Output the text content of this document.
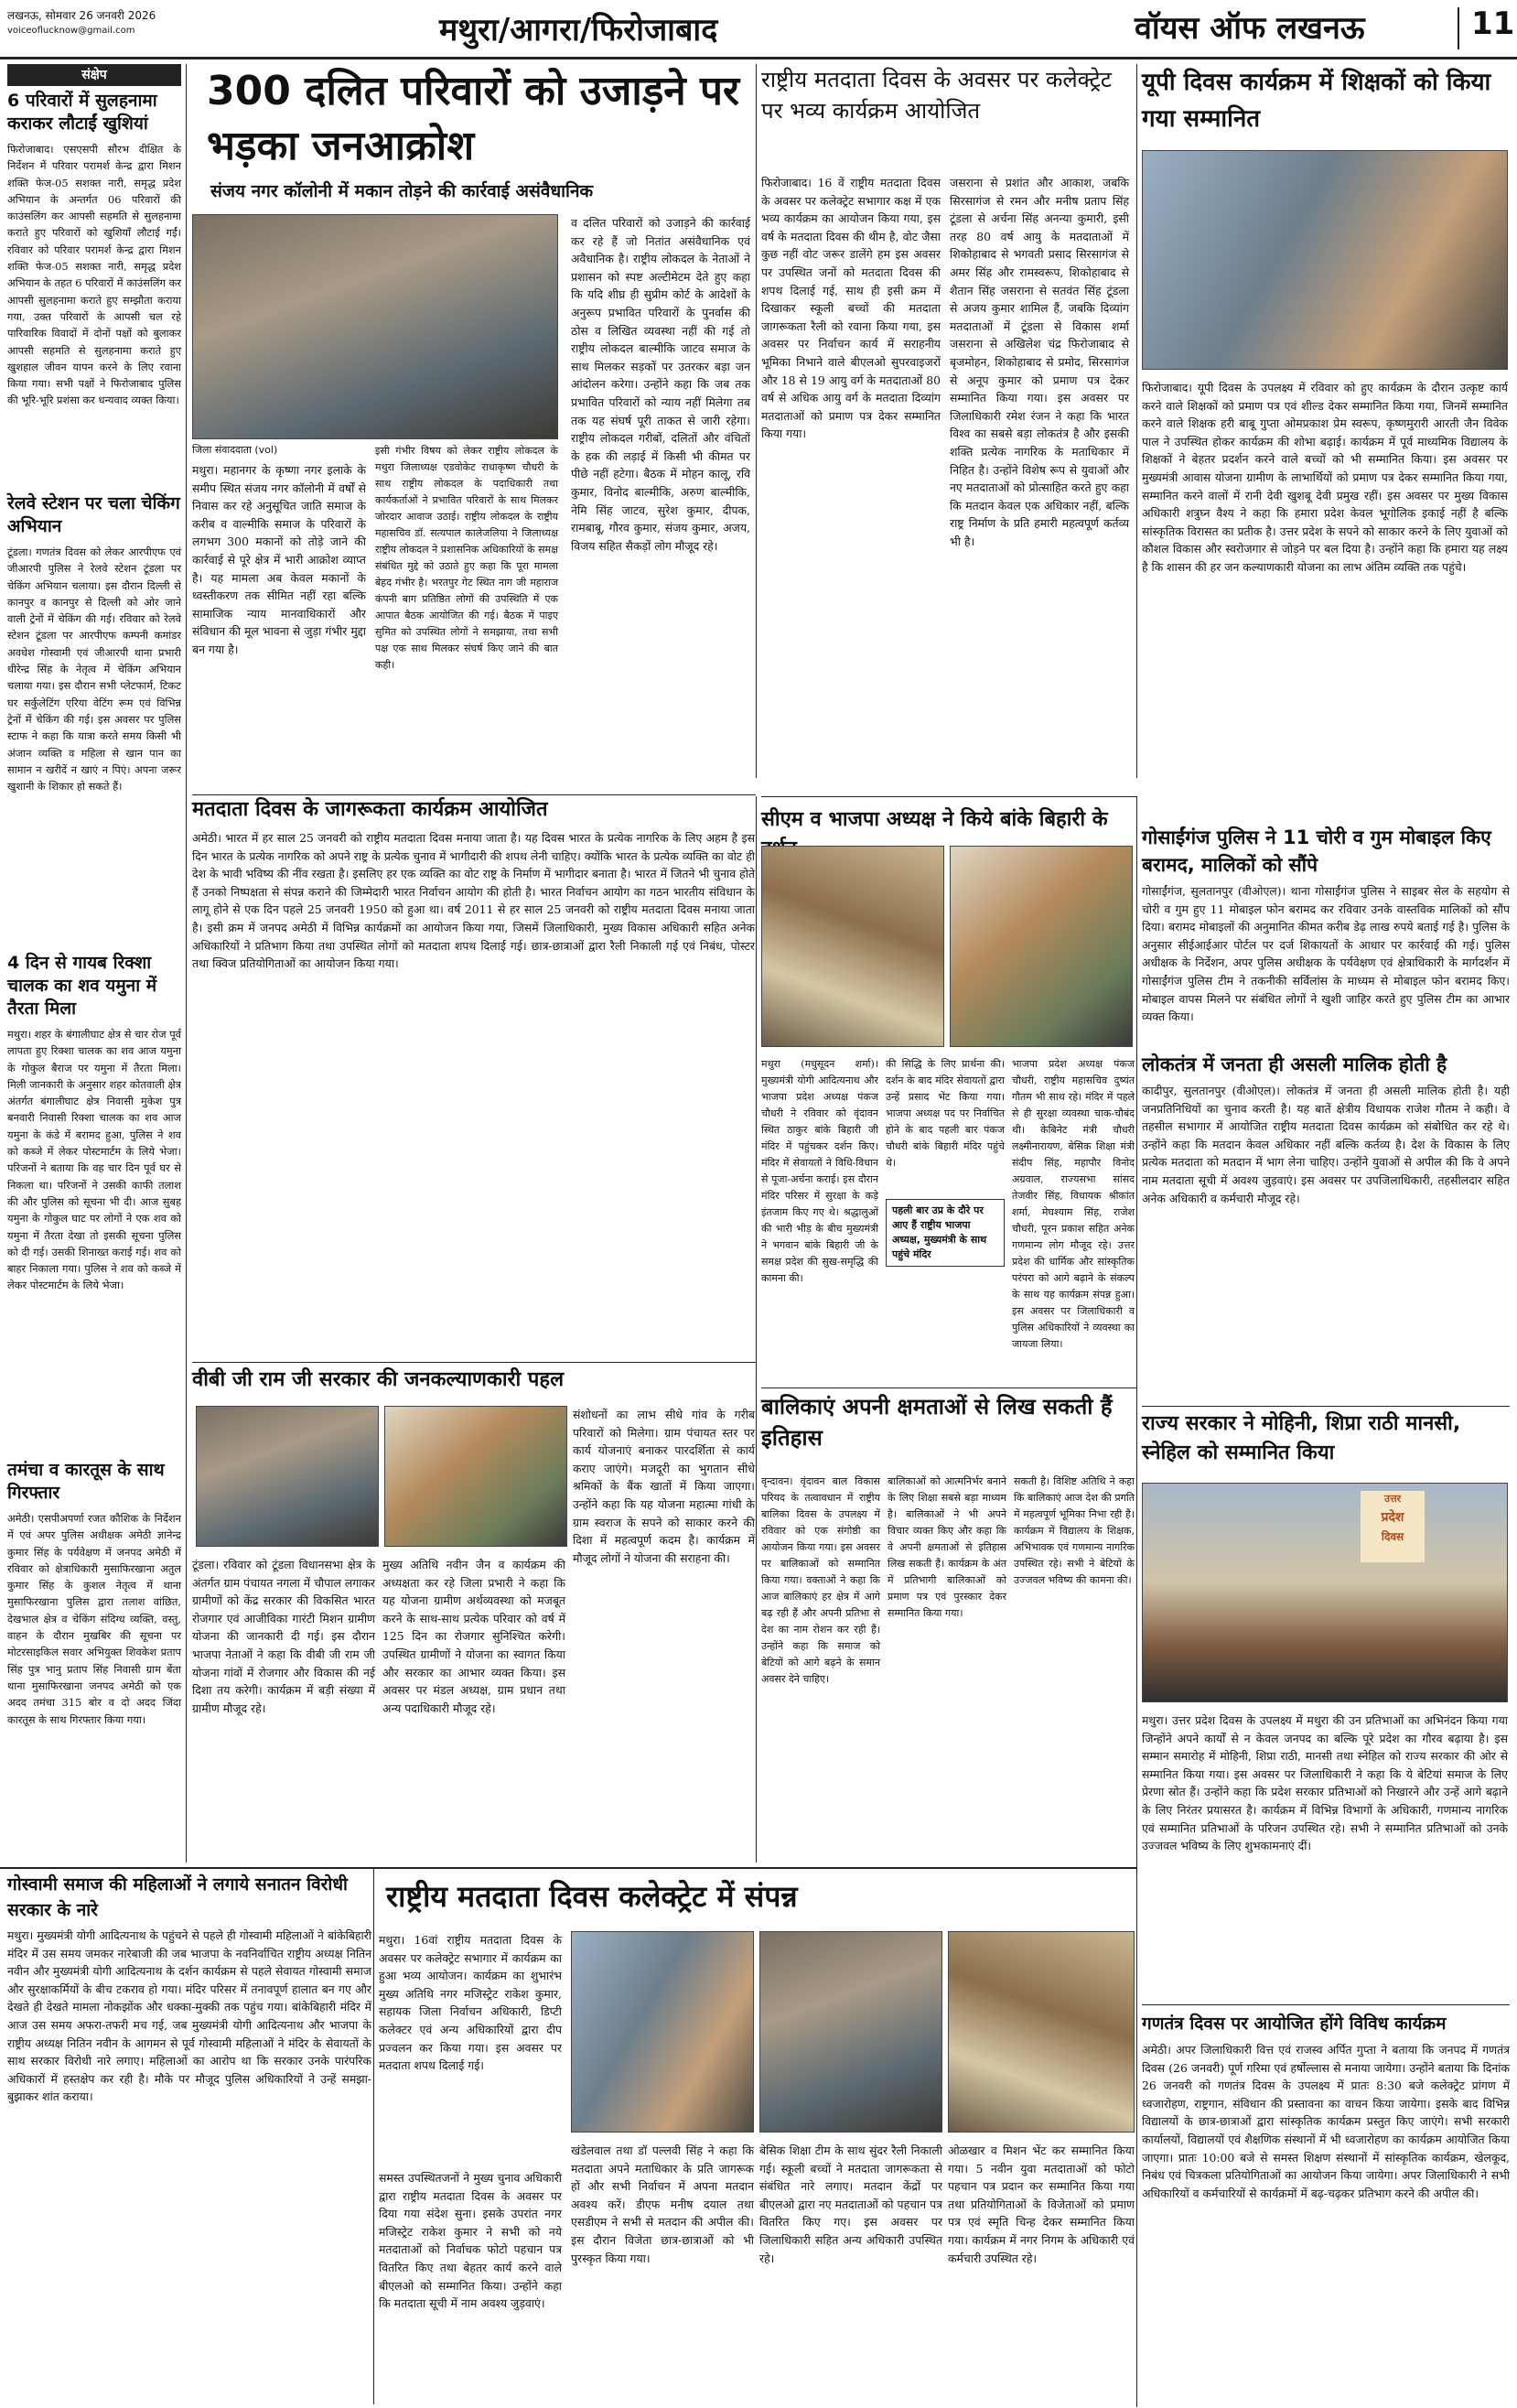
लखनऊ, सोमवार 26 जनवरी 2026
voiceoflucknow@gmail.com	मथुरा/आगरा/फिरोजाबाद	वॉयस ऑफ लखनऊ	11
संक्षेप
6 परिवारों में सुलहनामा कराकर लौटाईं खुशियां
फिरोजाबाद। एसएसपी सौरभ दीक्षित के निर्देशन में परिवार परामर्श केन्द्र द्वारा मिशन शक्ति फेज-05 सशक्त नारी, समृद्ध प्रदेश अभियान के अन्तर्गत 06 परिवारों की काउंसलिंग कर आपसी सहमति से सुलहनामा कराते हुए परिवारों को खुशियाँ लौटाई गईं। रविवार को परिवार परामर्श केन्द्र द्वारा मिशन शक्ति फेज-05 सशक्त नारी, समृद्ध प्रदेश अभियान के तहत 6 परिवारों में काउंसलिंग कर आपसी सुलहनामा कराते हुए सम्झौता कराया गया, उक्त परिवारों के आपसी चल रहे पारिवारिक विवादों में दोनों पक्षों को बुलाकर आपसी सहमति से सुलहनामा कराते हुए खुशहाल जीवन यापन करने के लिए रवाना किया गया। सभी पक्षों ने फिरोजाबाद पुलिस की भूरि-भूरि प्रशंसा कर धन्यवाद व्यक्त किया।
रेलवे स्टेशन पर चला चेकिंग अभियान
टूंडला। गणतंत्र दिवस को लेकर आरपीएफ एवं जीआरपी पुलिस ने रेलवे स्टेशन टूंडला पर चेकिंग अभियान चलाया। इस दौरान दिल्ली से कानपुर व कानपुर से दिल्ली को ओर जाने वाली ट्रेनों में चेकिंग की गई। रविवार को रेलवे स्टेशन टूंडला पर आरपीएफ कम्पनी कमांडर अवधेश गोस्वामी एवं जीआरपी थाना प्रभारी धीरेन्द्र सिंह के नेतृत्व में चेकिंग अभियान चलाया गया। इस दौरान सभी प्लेटफार्म, टिकट घर सर्कुलेटिंग एरिया वेटिंग रूम एवं विभिन्न ट्रेनों में चेकिंग की गई। इस अवसर पर पुलिस स्टाफ ने कहा कि यात्रा करते समय किसी भी अंजान व्यक्ति व महिला से खान पान का सामान न खरीदें न खाएं न पिएं। अपना जरूर खुशानी के शिकार हो सकते हैं।
4 दिन से गायब रिक्शा चालक का शव यमुना में तैरता मिला
मथुरा। शहर के बंगालीघाट क्षेत्र से चार रोज पूर्व लापता हुए रिक्शा चालक का शव आज यमुना के गोकुल बैराज पर यमुना में तैरता मिला। मिली जानकारी के अनुसार शहर कोतवाली क्षेत्र अंतर्गत बंगालीघाट क्षेत्र निवासी मुकेश पुत्र बनवारी निवासी रिक्शा चालक का शव आज यमुना के कंडे में बरामद हुआ, पुलिस ने शव को कब्जे में लेकर पोस्टमार्टम के लिये भेजा। परिजनों ने बताया कि वह चार दिन पूर्व घर से निकला था। परिजनों ने उसकी काफी तलाश की और पुलिस को सूचना भी दी। आज सुबह यमुना के गोकुल घाट पर लोगों ने एक शव को यमुना में तैरता देखा तो इसकी सूचना पुलिस को दी गई। उसकी शिनाख्त कराई गई। शव को बाहर निकाला गया। पुलिस ने शव को कब्जे में लेकर पोस्टमार्टम के लिये भेजा।
तमंचा व कारतूस के साथ गिरफ्तार
अमेठी। एसपीअपर्णा रजत कौशिक के निर्देशन में एवं अपर पुलिस अधीक्षक अमेठी ज्ञानेन्द्र कुमार सिंह के पर्यवेक्षण में जनपद अमेठी में रविवार को क्षेत्राधिकारी मुसाफिरखाना अतुल कुमार सिंह के कुशल नेतृत्व में थाना मुसाफिरखाना पुलिस द्वारा तलाश वांछित, देखभाल क्षेत्र व चेकिंग संदिग्ध व्यक्ति, वस्तु, वाहन के दौरान मुखबिर की सूचना पर मोटरसाइकिल सवार अभियुक्त शिवकेश प्रताप सिंह पुत्र भानु प्रताप सिंह निवासी ग्राम बेंता थाना मुसाफिरखाना जनपद अमेठी को एक अदद तमंचा 315 बोर व दो अदद जिंदा कारतूस के साथ गिरफ्तार किया गया।
300 दलित परिवारों को उजाड़ने पर भड़का जनआक्रोश
संजय नगर कॉलोनी में मकान तोड़ने की कार्रवाई असंवैधानिक
जिला संवाददाता (vol)	इसी गंभीर विषय को लेकर राष्ट्रीय लोकदल के मथुरा जिलाध्यक्ष एडवोकेट राधाकृष्ण चौधरी के साथ राष्ट्रीय लोकदल के पदाधिकारी तथा कार्यकर्ताओं ने प्रभावित परिवारों के साथ मिलकर जोरदार आवाज उठाई। राष्ट्रीय लोकदल के राष्ट्रीय महासचिव डॉ. सत्यपाल कालेजलिया ने जिलाध्यक्ष राष्ट्रीय लोकदल ने प्रशासनिक अधिकारियों के समक्ष संबंधित मुद्दे को उठाते हुए कहा कि पूरा मामला बेहद गंभीर है। भरतपुर गेट स्थित नाग जी महाराज कंपनी बाग प्रतिष्ठित लोगों की उपस्थिति में एक आपात बैठक आयोजित की गई। बैठक में पाइए सुमित को उपस्थित लोगों ने समझाया, तथा सभी पक्ष एक साथ मिलकर संघर्ष किए जाने की बात कही।
मथुरा। महानगर के कृष्णा नगर इलाके के समीप स्थित संजय नगर कॉलोनी में वर्षों से निवास कर रहे अनुसूचित जाति समाज के करीब व वाल्मीकि समाज के परिवारों के लगभग 300 मकानों को तोड़े जाने की कार्रवाई से पूरे क्षेत्र में भारी आक्रोश व्याप्त है। यह मामला अब केवल मकानों के ध्वस्तीकरण तक सीमित नहीं रहा बल्कि सामाजिक न्याय मानवाधिकारों और संविधान की मूल भावना से जुड़ा गंभीर मुद्दा बन गया है।
व दलित परिवारों को उजाड़ने की कार्रवाई कर रहे हैं जो नितांत असंवैधानिक एवं अवैधानिक है। राष्ट्रीय लोकदल के नेताओं ने प्रशासन को स्पष्ट अल्टीमेटम देते हुए कहा कि यदि शीघ्र ही सुप्रीम कोर्ट के आदेशों के अनुरूप प्रभावित परिवारों के पुनर्वास की ठोस व लिखित व्यवस्था नहीं की गई तो राष्ट्रीय लोकदल बाल्मीकि जाटव समाज के साथ मिलकर सड़कों पर उतरकर बड़ा जन आंदोलन करेगा। उन्होंने कहा कि जब तक प्रभावित परिवारों को न्याय नहीं मिलेगा तब तक यह संघर्ष पूरी ताकत से जारी रहेगा। राष्ट्रीय लोकदल गरीबों, दलितों और वंचितों के हक की लड़ाई में किसी भी कीमत पर पीछे नहीं हटेगा। बैठक में मोहन कालू, रवि कुमार, विनोद बाल्मीकि, अरुण बाल्मीकि, नेमि सिंह जाटव, सुरेश कुमार, दीपक, रामबाबू, गौरव कुमार, संजय कुमार, अजय, विजय सहित सैकड़ों लोग मौजूद रहे।
राष्ट्रीय मतदाता दिवस के अवसर पर कलेक्ट्रेट पर भव्य कार्यक्रम आयोजित
फिरोजाबाद। 16 वें राष्ट्रीय मतदाता दिवस के अवसर पर कलेक्ट्रेट सभागार कक्ष में एक भव्य कार्यक्रम का आयोजन किया गया, इस वर्ष के मतदाता दिवस की थीम है, वोट जैसा कुछ नहीं वोट जरूर डालेंगे हम इस अवसर पर उपस्थित जनों को मतदाता दिवस की शपथ दिलाई गई, साथ ही इसी क्रम में दिखाकर स्कूली बच्चों की मतदाता जागरूकता रैली को रवाना किया गया, इस अवसर पर निर्वाचन कार्य में सराहनीय भूमिका निभाने वाले बीएलओ सुपरवाइजरों और 18 से 19 आयु वर्ग के मतदाताओं 80 वर्ष से अधिक आयु वर्ग के मतदाता दिव्यांग मतदाताओं को प्रमाण पत्र देकर सम्मानित किया गया।
जसराना से प्रशांत और आकाश, जबकि सिरसागंज से रमन और मनीष प्रताप सिंह टूंडला से अर्चना सिंह अनन्या कुमारी, इसी तरह 80 वर्ष आयु के मतदाताओं में शिकोहाबाद से भगवती प्रसाद सिरसागंज से अमर सिंह और रामस्वरूप, शिकोहाबाद से शैतान सिंह जसराना से सतवंत सिंह टूंडला से अजय कुमार शामिल हैं, जबकि दिव्यांग मतदाताओं में टूंडला से विकास शर्मा जसराना से अखिलेश चंद्र फिरोजाबाद से बृजमोहन, शिकोहाबाद से प्रमोद, सिरसागंज से अनूप कुमार को प्रमाण पत्र देकर सम्मानित किया गया। इस अवसर पर जिलाधिकारी रमेश रंजन ने कहा कि भारत विश्व का सबसे बड़ा लोकतंत्र है और इसकी शक्ति प्रत्येक नागरिक के मताधिकार में निहित है। उन्होंने विशेष रूप से युवाओं और नए मतदाताओं को प्रोत्साहित करते हुए कहा कि मतदान केवल एक अधिकार नहीं, बल्कि राष्ट्र निर्माण के प्रति हमारी महत्वपूर्ण कर्तव्य भी है।
यूपी दिवस कार्यक्रम में शिक्षकों को किया गया सम्मानित
फिरोजाबाद। यूपी दिवस के उपलक्ष्य में रविवार को हुए कार्यक्रम के दौरान उत्कृष्ट कार्य करने वाले शिक्षकों को प्रमाण पत्र एवं शील्ड देकर सम्मानित किया गया, जिनमें सम्मानित करने वाले शिक्षक हरी बाबू गुप्ता ओमप्रकाश प्रेम स्वरूप, कृष्णमुरारी आरती जैन विवेक पाल ने उपस्थित होकर कार्यक्रम की शोभा बढ़ाई। कार्यक्रम में पूर्व माध्यमिक विद्यालय के शिक्षकों ने बेहतर प्रदर्शन करने वाले बच्चों को भी सम्मानित किया। इस अवसर पर मुख्यमंत्री आवास योजना ग्रामीण के लाभार्थियों को प्रमाण पत्र देकर सम्मानित किया गया, सम्मानित करने वालों में रानी देवी खुशबू देवी प्रमुख रहीं। इस अवसर पर मुख्य विकास अधिकारी शत्रुघ्न वैश्य ने कहा कि हमारा प्रदेश केवल भूगोलिक इकाई नहीं है बल्कि सांस्कृतिक विरासत का प्रतीक है। उत्तर प्रदेश के सपने को साकार करने के लिए युवाओं को कौशल विकास और स्वरोजगार से जोड़ने पर बल दिया है। उन्होंने कहा कि हमारा यह लक्ष्य है कि शासन की हर जन कल्याणकारी योजना का लाभ अंतिम व्यक्ति तक पहुंचे।
गोसाईंगंज पुलिस ने 11 चोरी व गुम मोबाइल किए बरामद, मालिकों को सौंपे
गोसाईंगंज, सुलतानपुर (वीओएल)। थाना गोसाईंगंज पुलिस ने साइबर सेल के सहयोग से चोरी व गुम हुए 11 मोबाइल फोन बरामद कर रविवार उनके वास्तविक मालिकों को सौंप दिया। बरामद मोबाइलों की अनुमानित कीमत करीब डेढ़ लाख रुपये बताई गई है। पुलिस के अनुसार सीईआईआर पोर्टल पर दर्ज शिकायतों के आधार पर कार्रवाई की गई। पुलिस अधीक्षक के निर्देशन, अपर पुलिस अधीक्षक के पर्यवेक्षण एवं क्षेत्राधिकारी के मार्गदर्शन में गोसाईंगंज पुलिस टीम ने तकनीकी सर्विलांस के माध्यम से मोबाइल फोन बरामद किए। मोबाइल वापस मिलने पर संबंधित लोगों ने खुशी जाहिर करते हुए पुलिस टीम का आभार व्यक्त किया।
लोकतंत्र में जनता ही असली मालिक होती है
कादीपुर, सुलतानपुर (वीओएल)। लोकतंत्र में जनता ही असली मालिक होती है। यही जनप्रतिनिधियों का चुनाव करती है। यह बातें क्षेत्रीय विधायक राजेश गौतम ने कही। वे तहसील सभागार में आयोजित राष्ट्रीय मतदाता दिवस कार्यक्रम को संबोधित कर रहे थे। उन्होंने कहा कि मतदान केवल अधिकार नहीं बल्कि कर्तव्य है। देश के विकास के लिए प्रत्येक मतदाता को मतदान में भाग लेना चाहिए। उन्होंने युवाओं से अपील की कि वे अपने नाम मतदाता सूची में अवश्य जुड़वाएं। इस अवसर पर उपजिलाधिकारी, तहसीलदार सहित अनेक अधिकारी व कर्मचारी मौजूद रहे।
मतदाता दिवस के जागरूकता कार्यक्रम आयोजित
अमेठी। भारत में हर साल 25 जनवरी को राष्ट्रीय मतदाता दिवस मनाया जाता है। यह दिवस भारत के प्रत्येक नागरिक के लिए अहम है इस दिन भारत के प्रत्येक नागरिक को अपने राष्ट्र के प्रत्येक चुनाव में भागीदारी की शपथ लेनी चाहिए। क्योंकि भारत के प्रत्येक व्यक्ति का वोट ही देश के भावी भविष्य की नींव रखता है। इसलिए हर एक व्यक्ति का वोट राष्ट्र के निर्माण में भागीदार बनाता है। भारत में जितने भी चुनाव होते हैं उनको निष्पक्षता से संपन्न कराने की जिम्मेदारी भारत निर्वाचन आयोग की होती है। भारत निर्वाचन आयोग का गठन भारतीय संविधान के लागू होने से एक दिन पहले 25 जनवरी 1950 को हुआ था। वर्ष 2011 से हर साल 25 जनवरी को राष्ट्रीय मतदाता दिवस मनाया जाता है। इसी क्रम में जनपद अमेठी में विभिन्न कार्यक्रमों का आयोजन किया गया, जिसमें जिलाधिकारी, मुख्य विकास अधिकारी सहित अनेक अधिकारियों ने प्रतिभाग किया तथा उपस्थित लोगों को मतदाता शपथ दिलाई गई। छात्र-छात्राओं द्वारा रैली निकाली गई एवं निबंध, पोस्टर तथा क्विज प्रतियोगिताओं का आयोजन किया गया।
सीएम व भाजपा अध्यक्ष ने किये बांके बिहारी के
मथुरा (मधुसूदन शर्मा)। मुख्यमंत्री योगी आदित्यनाथ और भाजपा प्रदेश अध्यक्ष पंकज चौधरी ने रविवार को वृंदावन स्थित ठाकुर बांके बिहारी जी मंदिर में पहुंचकर दर्शन किए। मंदिर में सेवायतों ने विधि-विधान से पूजा-अर्चना कराई। इस दौरान मंदिर परिसर में सुरक्षा के कड़े इंतजाम किए गए थे। श्रद्धालुओं की भारी भीड़ के बीच मुख्यमंत्री ने भगवान बांके बिहारी जी के समक्ष प्रदेश की सुख-समृद्धि की कामना की।
की सिद्धि के लिए प्रार्थना की। दर्शन के बाद मंदिर सेवायतों द्वारा उन्हें प्रसाद भेंट किया गया। भाजपा अध्यक्ष पद पर निर्वाचित होने के बाद पहली बार पंकज चौधरी बांके बिहारी मंदिर पहुंचे थे।
पहली बार उप्र के दौरे पर आए हैं राष्ट्रीय भाजपा अध्यक्ष, मुख्यमंत्री के साथ पहुंचे मंदिर
भाजपा प्रदेश अध्यक्ष पंकज चौधरी, राष्ट्रीय महासचिव दुष्यंत गौतम भी साथ रहे। मंदिर में पहले से ही सुरक्षा व्यवस्था चाक-चौबंद थी। केबिनेट मंत्री चौधरी लक्ष्मीनारायण, बेसिक शिक्षा मंत्री संदीप सिंह, महापौर विनोद अग्रवाल, राज्यसभा सांसद तेजवीर सिंह, विधायक श्रीकांत शर्मा, मेघश्याम सिंह, राजेश चौधरी, पूरन प्रकाश सहित अनेक गणमान्य लोग मौजूद रहे। उत्तर प्रदेश की धार्मिक और सांस्कृतिक परंपरा को आगे बढ़ाने के संकल्प के साथ यह कार्यक्रम संपन्न हुआ। इस अवसर पर जिलाधिकारी व पुलिस अधिकारियों ने व्यवस्था का जायजा लिया।
राज्य सरकार ने मोहिनी, शिप्रा राठी मानसी, स्नेहिल को सम्मानित किया
उत्तर
प्रदेश
दिवस
मथुरा। उत्तर प्रदेश दिवस के उपलक्ष्य में मथुरा की उन प्रतिभाओं का अभिनंदन किया गया जिन्होंने अपने कार्यों से न केवल जनपद का बल्कि पूरे प्रदेश का गौरव बढ़ाया है। इस सम्मान समारोह में मोहिनी, शिप्रा राठी, मानसी तथा स्नेहिल को राज्य सरकार की ओर से सम्मानित किया गया। इस अवसर पर जिलाधिकारी ने कहा कि ये बेटियां समाज के लिए प्रेरणा स्रोत हैं। उन्होंने कहा कि प्रदेश सरकार प्रतिभाओं को निखारने और उन्हें आगे बढ़ाने के लिए निरंतर प्रयासरत है। कार्यक्रम में विभिन्न विभागों के अधिकारी, गणमान्य नागरिक एवं सम्मानित प्रतिभाओं के परिजन उपस्थित रहे। सभी ने सम्मानित प्रतिभाओं को उनके उज्जवल भविष्य के लिए शुभकामनाएं दीं।
वीबी जी राम जी सरकार की जनकल्याणकारी पहल
टूंडला। रविवार को टूंडला विधानसभा क्षेत्र के अंतर्गत ग्राम पंचायत नगला में चौपाल लगाकर ग्रामीणों को केंद्र सरकार की विकसित भारत रोजगार एवं आजीविका गारंटी मिशन ग्रामीण योजना की जानकारी दी गई। इस दौरान भाजपा नेताओं ने कहा कि वीबी जी राम जी योजना गांवों में रोजगार और विकास की नई दिशा तय करेगी। कार्यक्रम में बड़ी संख्या में ग्रामीण मौजूद रहे।
मुख्य अतिथि नवीन जैन व कार्यक्रम की अध्यक्षता कर रहे जिला प्रभारी ने कहा कि यह योजना ग्रामीण अर्थव्यवस्था को मजबूत करने के साथ-साथ प्रत्येक परिवार को वर्ष में 125 दिन का रोजगार सुनिश्चित करेगी। उपस्थित ग्रामीणों ने योजना का स्वागत किया और सरकार का आभार व्यक्त किया। इस अवसर पर मंडल अध्यक्ष, ग्राम प्रधान तथा अन्य पदाधिकारी मौजूद रहे।
संशोधनों का लाभ सीधे गांव के गरीब परिवारों को मिलेगा। ग्राम पंचायत स्तर पर कार्य योजनाएं बनाकर पारदर्शिता से कार्य कराए जाएंगे। मजदूरी का भुगतान सीधे श्रमिकों के बैंक खातों में किया जाएगा। उन्होंने कहा कि यह योजना महात्मा गांधी के ग्राम स्वराज के सपने को साकार करने की दिशा में महत्वपूर्ण कदम है। कार्यक्रम में मौजूद लोगों ने योजना की सराहना की।
बालिकाएं अपनी क्षमताओं से लिख सकती हैं इतिहास
वृन्दावन। वृंदावन बाल विकास परियद के तत्वावधान में राष्ट्रीय बालिका दिवस के उपलक्ष्य में रविवार को एक संगोष्ठी का आयोजन किया गया। इस अवसर पर बालिकाओं को सम्मानित किया गया। वक्ताओं ने कहा कि आज बालिकाएं हर क्षेत्र में आगे बढ़ रही हैं और अपनी प्रतिभा से देश का नाम रोशन कर रही हैं। उन्होंने कहा कि समाज को बेटियों को आगे बढ़ने के समान अवसर देने चाहिए।
बालिकाओं को आत्मनिर्भर बनाने के लिए शिक्षा सबसे बड़ा माध्यम है। बालिकाओं ने भी अपने विचार व्यक्त किए और कहा कि वे अपनी क्षमताओं से इतिहास लिख सकती हैं। कार्यक्रम के अंत में प्रतिभागी बालिकाओं को प्रमाण पत्र एवं पुरस्कार देकर सम्मानित किया गया।
सकती है। विशिष्ट अतिथि ने कहा कि बालिकाएं आज देश की प्रगति में महत्वपूर्ण भूमिका निभा रही हैं। कार्यक्रम में विद्यालय के शिक्षक, अभिभावक एवं गणमान्य नागरिक उपस्थित रहे। सभी ने बेटियों के उज्जवल भविष्य की कामना की।
गोस्वामी समाज की महिलाओं ने लगाये सनातन विरोधी सरकार के नारे
मथुरा। मुख्यमंत्री योगी आदित्यनाथ के पहुंचने से पहले ही गोस्वामी महिलाओं ने बांकेबिहारी मंदिर में उस समय जमकर नारेबाजी की जब भाजपा के नवनिर्वाचित राष्ट्रीय अध्यक्ष नितिन नवीन और मुख्यमंत्री योगी आदित्यनाथ के दर्शन कार्यक्रम से पहले सेवायत गोस्वामी समाज और सुरक्षाकर्मियों के बीच टकराव हो गया। मंदिर परिसर में तनावपूर्ण हालात बन गए और देखते ही देखते मामला नोकझोंक और धक्का-मुक्की तक पहुंच गया। बांकेबिहारी मंदिर में आज उस समय अफरा-तफरी मच गई, जब मुख्यमंत्री योगी आदित्यनाथ और भाजपा के राष्ट्रीय अध्यक्ष नितिन नवीन के आगमन से पूर्व गोस्वामी महिलाओं ने मंदिर के सेवायतों के साथ सरकार विरोधी नारे लगाए। महिलाओं का आरोप था कि सरकार उनके पारंपरिक अधिकारों में हस्तक्षेप कर रही है। मौके पर मौजूद पुलिस अधिकारियों ने उन्हें समझा-बुझाकर शांत कराया।
राष्ट्रीय मतदाता दिवस कलेक्ट्रेट में संपन्न
मथुरा। 16वां राष्ट्रीय मतदाता दिवस के अवसर पर कलेक्ट्रेट सभागार में कार्यक्रम का हुआ भव्य आयोजन। कार्यक्रम का शुभारंभ मुख्य अतिथि नगर मजिस्ट्रेट राकेश कुमार, सहायक जिला निर्वाचन अधिकारी, डिप्टी कलेक्टर एवं अन्य अधिकारियों द्वारा दीप प्रज्वलन कर किया गया। इस अवसर पर मतदाता शपथ दिलाई गई।
समस्त उपस्थितजनों ने मुख्य चुनाव अधिकारी द्वारा राष्ट्रीय मतदाता दिवस के अवसर पर दिया गया संदेश सुना। इसके उपरांत नगर मजिस्ट्रेट राकेश कुमार ने सभी को नये मतदाताओं को निर्वाचक फोटो पहचान पत्र वितरित किए तथा बेहतर कार्य करने वाले बीएलओ को सम्मानित किया। उन्होंने कहा कि मतदाता सूची में नाम अवश्य जुड़वाएं।
खंडेलवाल तथा डॉ पल्लवी सिंह ने कहा कि मतदाता अपने मताधिकार के प्रति जागरूक हों और सभी निर्वाचन में अपना मतदान अवश्य करें। डीएफ मनीष दयाल तथा एसडीएम ने सभी से मतदान की अपील की। इस दौरान विजेता छात्र-छात्राओं को भी पुरस्कृत किया गया।
बेसिक शिक्षा टीम के साथ सुंदर रैली निकाली गई। स्कूली बच्चों ने मतदाता जागरूकता से संबंधित नारे लगाए। मतदान केंद्रों पर बीएलओ द्वारा नए मतदाताओं को पहचान पत्र वितरित किए गए। इस अवसर पर जिलाधिकारी सहित अन्य अधिकारी उपस्थित रहे।
ओळखार व मिशन भेंट कर सम्मानित किया गया। 5 नवीन युवा मतदाताओं को फोटो पहचान पत्र प्रदान कर सम्मानित किया गया तथा प्रतियोगिताओं के विजेताओं को प्रमाण पत्र एवं स्मृति चिन्ह देकर सम्मानित किया गया। कार्यक्रम में नगर निगम के अधिकारी एवं कर्मचारी उपस्थित रहे।
गणतंत्र दिवस पर आयोजित होंगे विविध कार्यक्रम
अमेठी। अपर जिलाधिकारी वित्त एवं राजस्व अर्पित गुप्ता ने बताया कि जनपद में गणतंत्र दिवस (26 जनवरी) पूर्ण गरिमा एवं हर्षोल्लास से मनाया जायेगा। उन्होंने बताया कि दिनांक 26 जनवरी को गणतंत्र दिवस के उपलक्ष्य में प्रातः 8:30 बजे कलेक्ट्रेट प्रांगण में ध्वजारोहण, राष्ट्रगान, संविधान की प्रस्तावना का वाचन किया जायेगा। इसके बाद विभिन्न विद्यालयों के छात्र-छात्राओं द्वारा सांस्कृतिक कार्यक्रम प्रस्तुत किए जाएंगे। सभी सरकारी कार्यालयों, विद्यालयों एवं शैक्षणिक संस्थानों में भी ध्वजारोहण का कार्यक्रम आयोजित किया जाएगा। प्रातः 10:00 बजे से समस्त शिक्षण संस्थानों में सांस्कृतिक कार्यक्रम, खेलकूद, निबंध एवं चित्रकला प्रतियोगिताओं का आयोजन किया जायेगा। अपर जिलाधिकारी ने सभी अधिकारियों व कर्मचारियों से कार्यक्रमों में बढ़-चढ़कर प्रतिभाग करने की अपील की।
